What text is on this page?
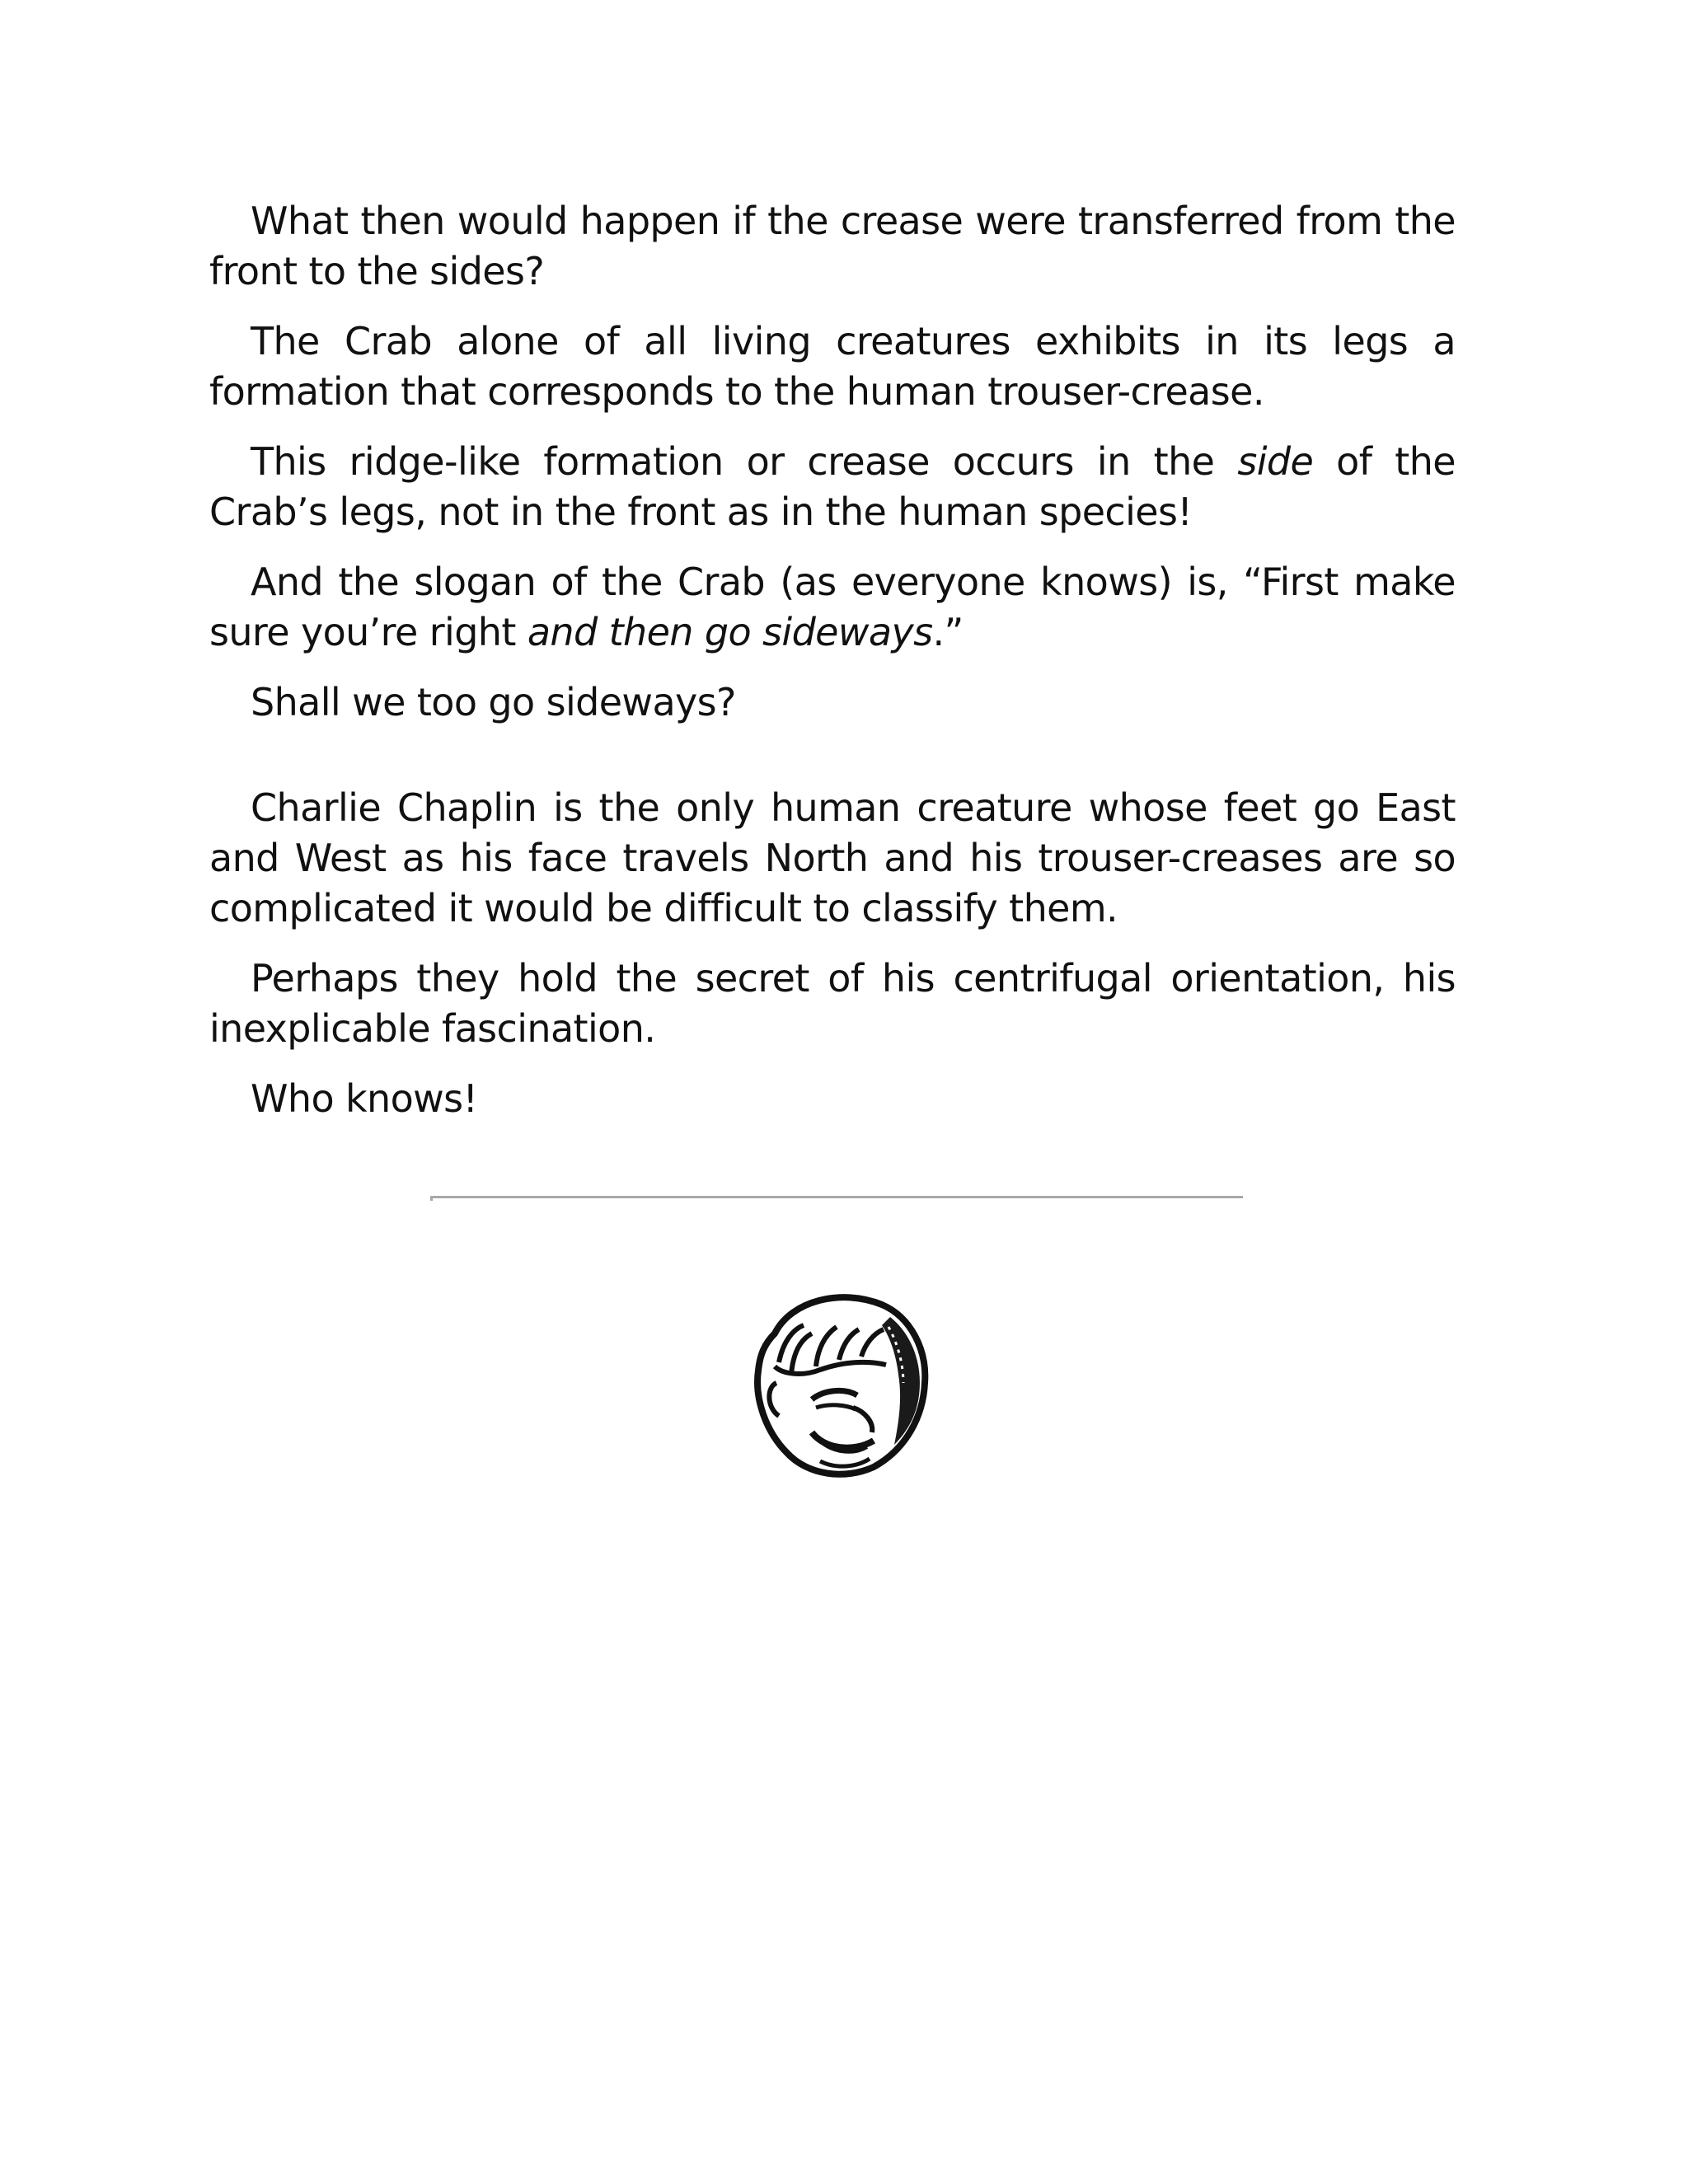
What then would happen if the crease were transferred from the front to the sides?

The Crab alone of all living creatures exhibits in its legs a formation that corresponds to the human trouser-crease.

This ridge-like formation or crease occurs in the side of the Crab’s legs, not in the front as in the human species!

And the slogan of the Crab (as everyone knows) is, “First make sure you’re right and then go sideways.”

Shall we too go sideways?

Charlie Chaplin is the only human creature whose feet go East and West as his face travels North and his trouser-creases are so complicated it would be difficult to classify them.

Perhaps they hold the secret of his centrifugal orientation, his inexplicable fascination.

Who knows!
